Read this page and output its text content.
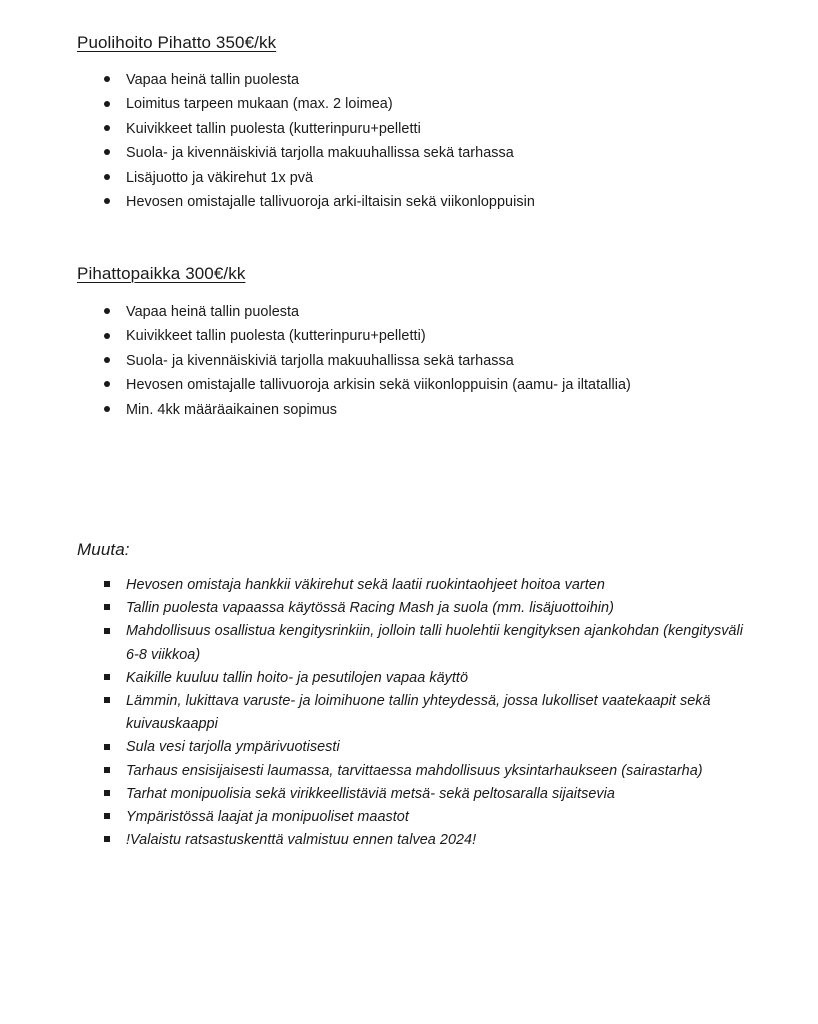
Puolihoito Pihatto 350€/kk
Vapaa heinä tallin puolesta
Loimitus tarpeen mukaan (max. 2 loimea)
Kuivikkeet tallin puolesta (kutterinpuru+pelletti
Suola- ja kivennäiskiviä tarjolla makuuhallissa sekä tarhassa
Lisäjuotto ja väkirehut 1x pvä
Hevosen omistajalle tallivuoroja arki-iltaisin sekä viikonloppuisin
Pihattopaikka 300€/kk
Vapaa heinä tallin puolesta
Kuivikkeet tallin puolesta (kutterinpuru+pelletti)
Suola- ja kivennäiskiviä tarjolla makuuhallissa sekä tarhassa
Hevosen omistajalle tallivuoroja arkisin sekä viikonloppuisin (aamu- ja iltatallia)
Min. 4kk määräaikainen sopimus
Muuta:
Hevosen omistaja hankkii väkirehut sekä laatii ruokintaohjeet hoitoa varten
Tallin puolesta vapaassa käytössä Racing Mash ja suola (mm. lisäjuottoihin)
Mahdollisuus osallistua kengitysrinkiin, jolloin talli huolehtii kengityksen ajankohdan (kengitysväli 6-8 viikkoa)
Kaikille kuuluu tallin hoito- ja pesutilojen vapaa käyttö
Lämmin, lukittava varuste- ja loimihuone tallin yhteydessä, jossa lukolliset vaatekaapit sekä kuivauskaappi
Sula vesi tarjolla ympärivuotisesti
Tarhaus ensisijaisesti laumassa, tarvittaessa mahdollisuus yksintarhaukseen (sairastarha)
Tarhat monipuolisia sekä virikkeellistäviä metsä- sekä peltosaralla sijaitsevia
Ympäristössä laajat ja monipuoliset maastot
!Valaistu ratsastuskenttä valmistuu ennen talvea 2024!
